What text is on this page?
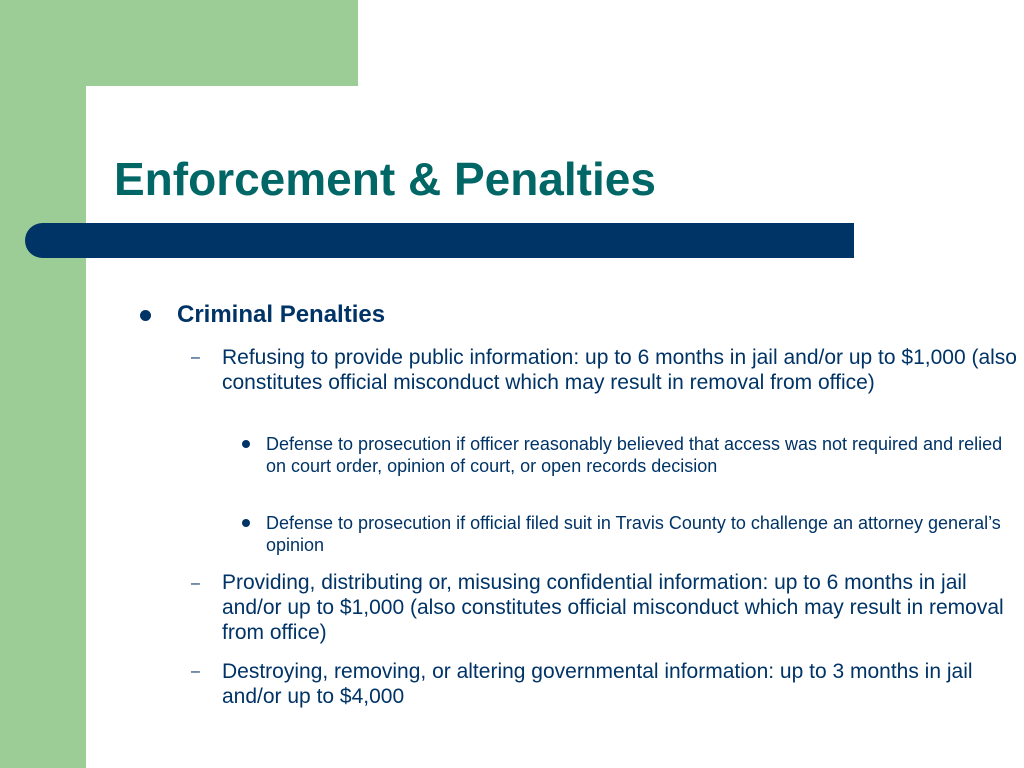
Enforcement & Penalties
Criminal Penalties
– Refusing to provide public information: up to 6 months in jail and/or up to $1,000 (also constitutes official misconduct which may result in removal from office)
Defense to prosecution if officer reasonably believed that access was not required and relied on court order, opinion of court, or open records decision
Defense to prosecution if official filed suit in Travis County to challenge an attorney general’s opinion
– Providing, distributing or, misusing confidential information: up to 6 months in jail and/or up to $1,000 (also constitutes official misconduct which may result in removal from office)
– Destroying, removing, or altering governmental information: up to 3 months in jail and/or up to $4,000
